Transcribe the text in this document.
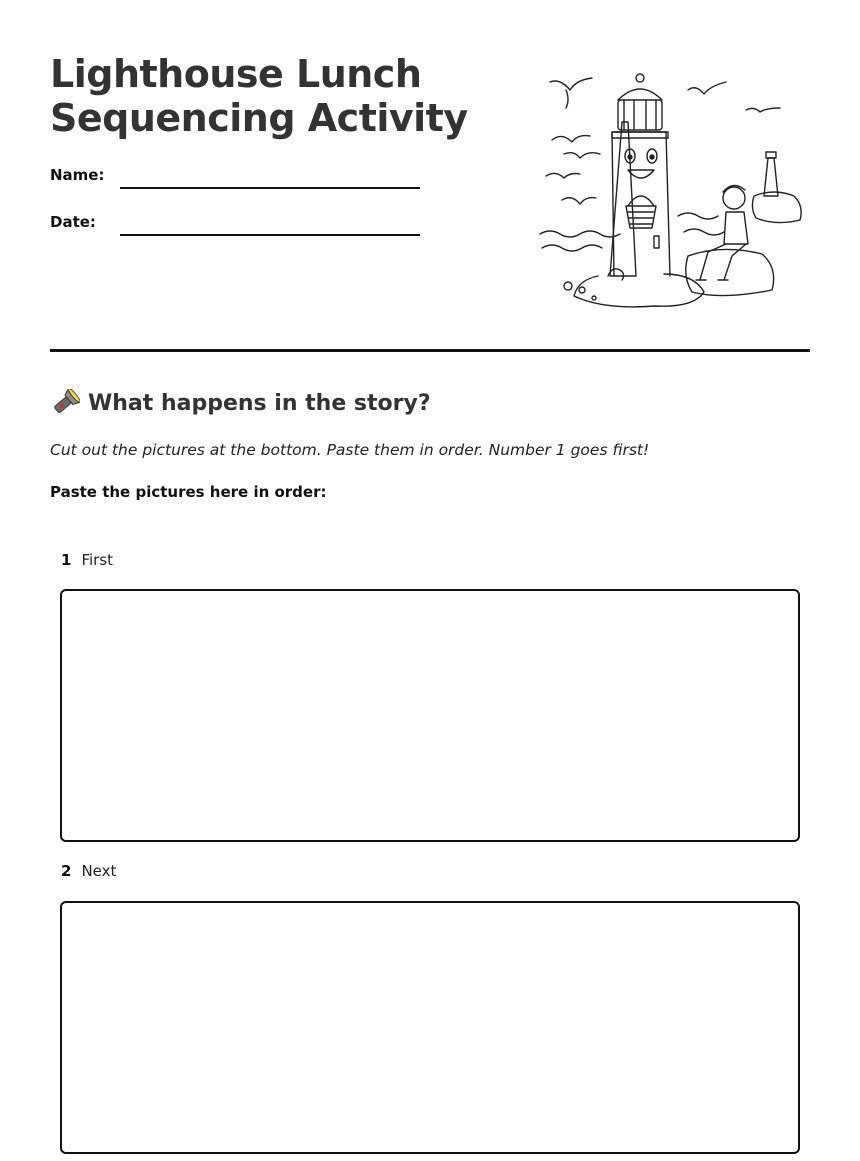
Lighthouse Lunch
Sequencing Activity
Name:
Date:
What happens in the story?

Cut out the pictures at the bottom. Paste them in order. Number 1 goes first!

Paste the pictures here in order:

1 First
2 Next
